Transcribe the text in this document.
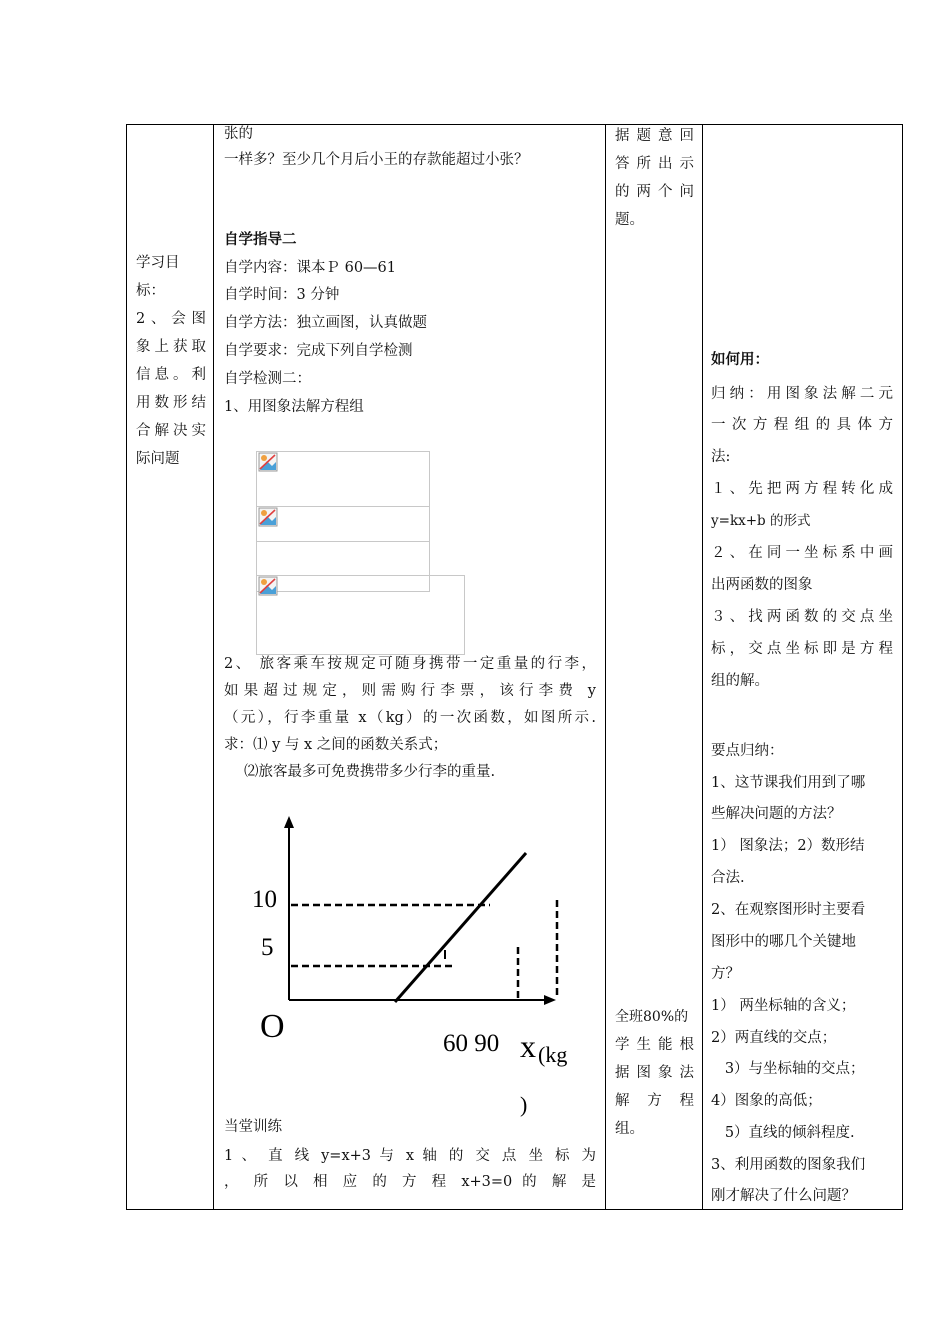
学习目
标：
2、会图
象上获取
信息。利
用数形结
合解决实
际问题
张的
一样多？至少几个月后小王的存款能超过小张？
自学指导二
自学内容：课本Ｐ 60—61
自学时间：3 分钟
自学方法：独立画图，认真做题
自学要求：完成下列自学检测
自学检测二：
1、用图象法解方程组
2、 旅客乘车按规定可随身携带一定重量的行李，
如果超过规定，则需购行李票，该行李费 y
（元），行李重量 x（kg）的一次函数，如图所示.
求：⑴ y 与 x 之间的函数关系式；
⑵旅客最多可免费携带多少行李的重量.
10
5
O	60 90 x (kg
)
当堂训练
1 、 直 线 y=x+3 与 x 轴 的 交 点 坐 标 为
， 所 以 相 应 的 方 程 x+3=0 的 解 是
据题意回
答所出示
的两个问
题。
全班80%的
学生能根
据图象法
解方程
组。
如何用：
归纳：用图象法解二元
一次方程组的具体方
法:
１、先把两方程转化成
y=kx+b 的形式
２、在同一坐标系中画
出两函数的图象
３、找两函数的交点坐
标，交点坐标即是方程
组的解。
要点归纳：
1、这节课我们用到了哪
些解决问题的方法？
1） 图象法；2）数形结
合法.
2、在观察图形时主要看
图形中的哪几个关键地
方？
1） 两坐标轴的含义；
2）两直线的交点；
3）与坐标轴的交点；
4）图象的高低；
5）直线的倾斜程度.
3、利用函数的图象我们
刚才解决了什么问题？
